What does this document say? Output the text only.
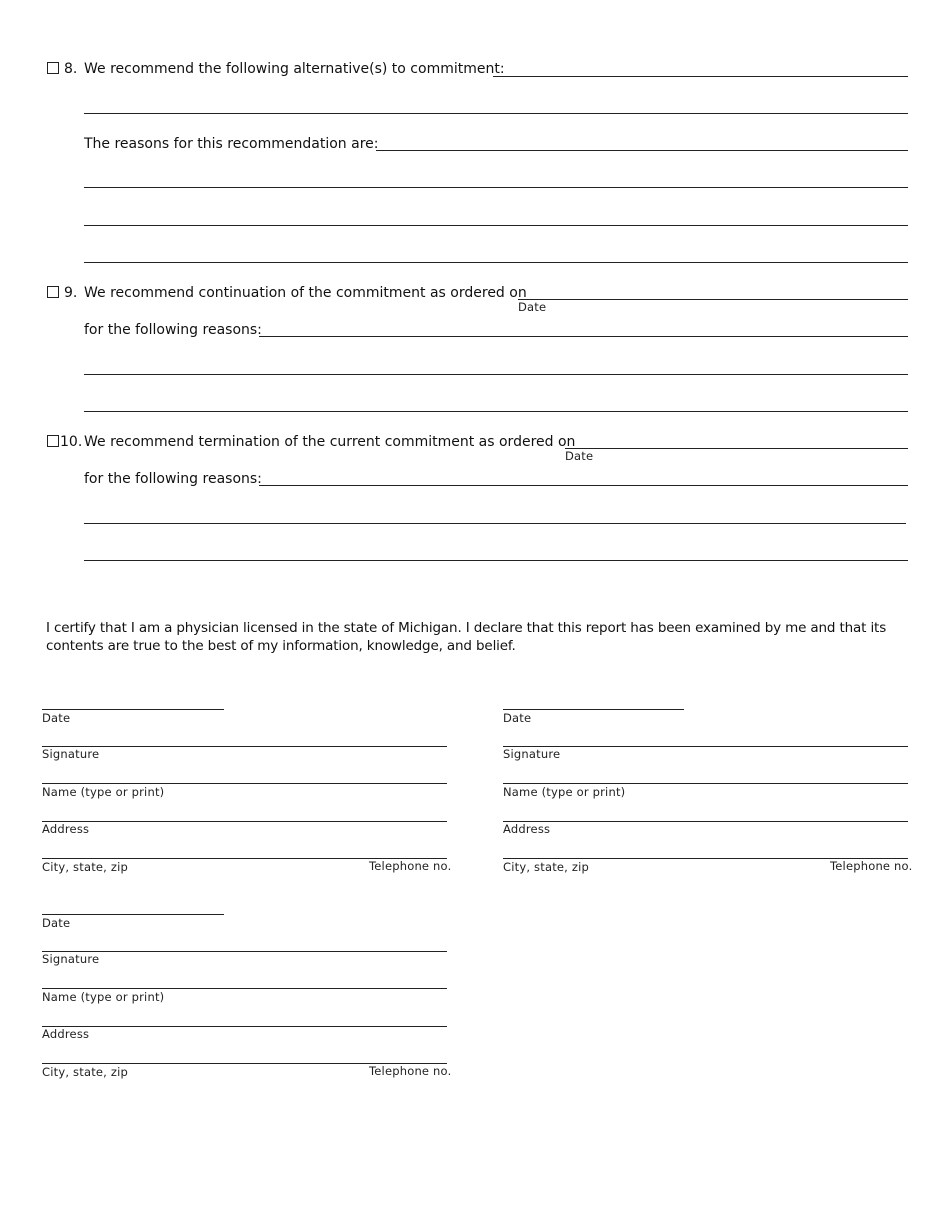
8. We recommend the following alternative(s) to commitment:
The reasons for this recommendation are:
9. We recommend continuation of the commitment as ordered on
Date
for the following reasons:
10. We recommend termination of the current commitment as ordered on
Date
for the following reasons:
I certify that I am a physician licensed in the state of Michigan. I declare that this report has been examined by me and that its contents are true to the best of my information, knowledge, and belief.
Date
Signature
Name (type or print)
Address
City, state, zip	Telephone no.
Date
Signature
Name (type or print)
Address
City, state, zip	Telephone no.
Date
Signature
Name (type or print)
Address
City, state, zip	Telephone no.
